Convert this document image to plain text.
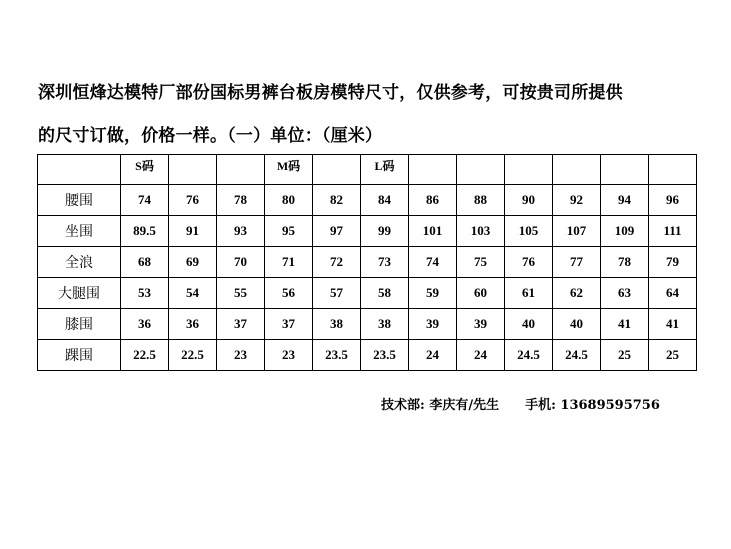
深圳恒烽达模特厂部份国标男裤台板房模特尺寸，仅供参考，可按贵司所提供
的尺寸订做，价格一样。（一）单位：（厘米）
	S码			M码		L码						
腰围	74	76	78	80	82	84	86	88	90	92	94	96
坐围	89.5	91	93	95	97	99	101	103	105	107	109	111
全浪	68	69	70	71	72	73	74	75	76	77	78	79
大腿围	53	54	55	56	57	58	59	60	61	62	63	64
膝围	36	36	37	37	38	38	39	39	40	40	41	41
踝围	22.5	22.5	23	23	23.5	23.5	24	24	24.5	24.5	25	25
技术部: 李庆有/先生 手机: 13689595756
